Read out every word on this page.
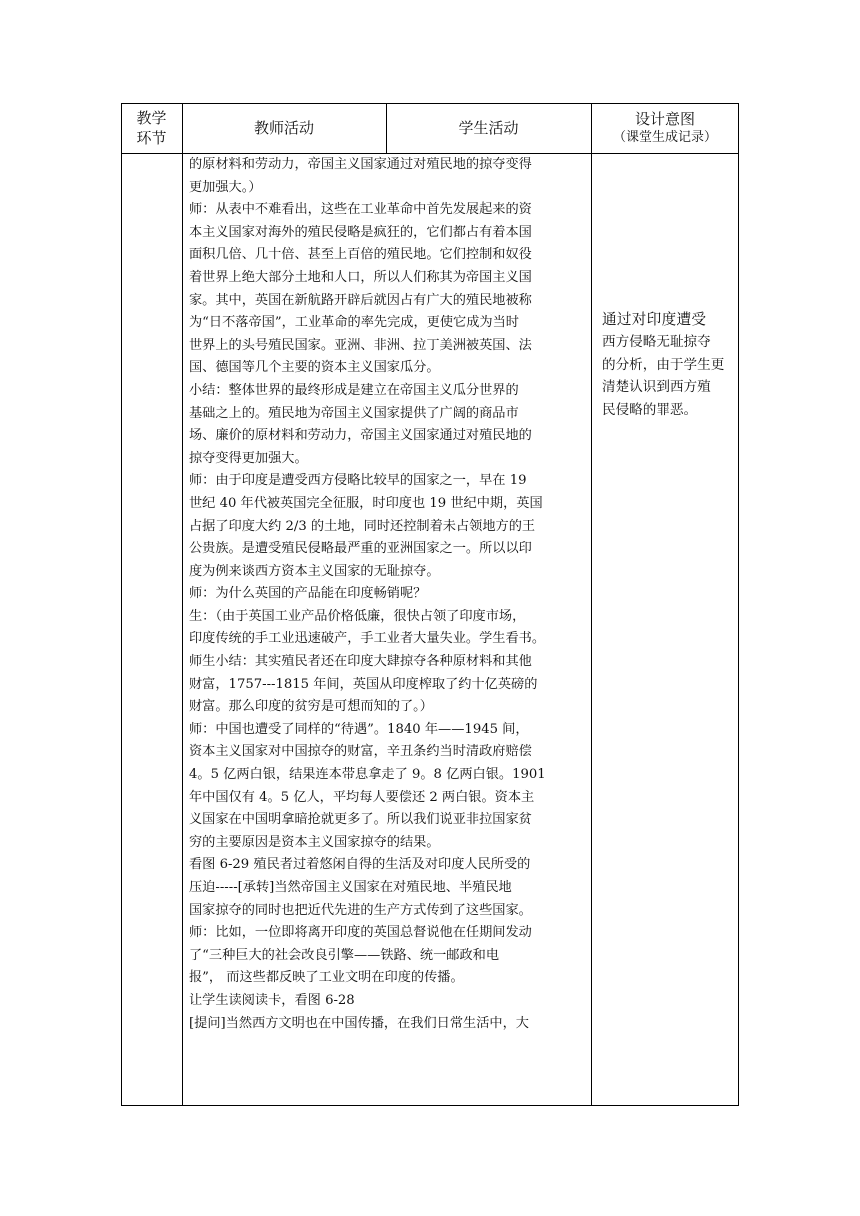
教学
环节
教师活动	学生活动	设计意图
（课堂生成记录）

的原材料和劳动力，帝国主义国家通过对殖民地的掠夺变得

更加强大。）

师：从表中不难看出，这些在工业革命中首先发展起来的资

本主义国家对海外的殖民侵略是疯狂的，它们都占有着本国

面积几倍、几十倍、甚至上百倍的殖民地。它们控制和奴役

着世界上绝大部分土地和人口，所以人们称其为帝国主义国

家。其中，英国在新航路开辟后就因占有广大的殖民地被称

为“日不落帝国”，工业革命的率先完成，更使它成为当时

世界上的头号殖民国家。亚洲、非洲、拉丁美洲被英国、法

国、德国等几个主要的资本主义国家瓜分。

小结：整体世界的最终形成是建立在帝国主义瓜分世界的

基础之上的。殖民地为帝国主义国家提供了广阔的商品市

场、廉价的原材料和劳动力，帝国主义国家通过对殖民地的

掠夺变得更加强大。

师：由于印度是遭受西方侵略比较早的国家之一，早在 19

世纪 40 年代被英国完全征服，时印度也 19 世纪中期，英国

占据了印度大约 2/3 的土地，同时还控制着未占领地方的王

公贵族。是遭受殖民侵略最严重的亚洲国家之一。所以以印

度为例来谈西方资本主义国家的无耻掠夺。

师：为什么英国的产品能在印度畅销呢？

生：（由于英国工业产品价格低廉，很快占领了印度市场，

印度传统的手工业迅速破产，手工业者大量失业。学生看书。

师生小结：其实殖民者还在印度大肆掠夺各种原材料和其他

财富，1757---1815 年间，英国从印度榨取了约十亿英磅的

财富。那么印度的贫穷是可想而知的了。）

师：中国也遭受了同样的“待遇”。1840 年——1945 间，

资本主义国家对中国掠夺的财富，辛丑条约当时清政府赔偿

4。5 亿两白银，结果连本带息拿走了 9。8 亿两白银。1901

年中国仅有 4。5 亿人，平均每人要偿还 2 两白银。资本主

义国家在中国明拿暗抢就更多了。所以我们说亚非拉国家贫

穷的主要原因是资本主义国家掠夺的结果。

看图 6-29 殖民者过着悠闲自得的生活及对印度人民所受的

压迫-----[承转]当然帝国主义国家在对殖民地、半殖民地

国家掠夺的同时也把近代先进的生产方式传到了这些国家。

师：比如，一位即将离开印度的英国总督说他在任期间发动

了“三种巨大的社会改良引擎——铁路、统一邮政和电

报”， 而这些都反映了工业文明在印度的传播。

让学生读阅读卡，看图 6-28

[提问]当然西方文明也在中国传播，在我们日常生活中，大

通过对印度遭受

西方侵略无耻掠夺

的分析，由于学生更

清楚认识到西方殖

民侵略的罪恶。
